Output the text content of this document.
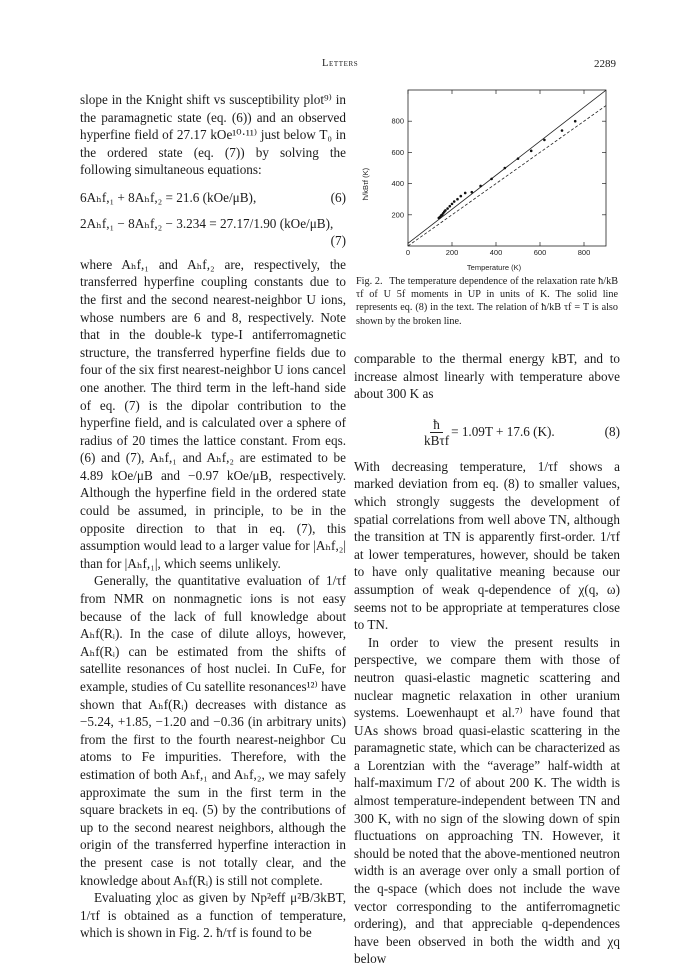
Letters	2289

slope in the Knight shift vs susceptibility plot⁹⁾ in the paramagnetic state (eq. (6)) and an observed hyperfine field of 27.17 kOe¹⁰·¹¹⁾ just below T₀ in the ordered state (eq. (7)) by solving the following simultaneous equations:

6Aₕf,₁ + 8Aₕf,₂ = 21.6 (kOe/μB),	(6)
2Aₕf,₁ − 8Aₕf,₂ − 3.234 = 27.17/1.90 (kOe/μB),
(7)

where Aₕf,₁ and Aₕf,₂ are, respectively, the transferred hyperfine coupling constants due to the first and the second nearest-neighbor U ions, whose numbers are 6 and 8, respectively. Note that in the double-k type-I antiferromagnetic structure, the transferred hyperfine fields due to four of the six first nearest-neighbor U ions cancel one another. The third term in the left-hand side of eq. (7) is the dipolar contribution to the hyperfine field, and is calculated over a sphere of radius of 20 times the lattice constant. From eqs. (6) and (7), Aₕf,₁ and Aₕf,₂ are estimated to be 4.89 kOe/μB and −0.97 kOe/μB, respectively. Although the hyperfine field in the ordered state could be assumed, in principle, to be in the opposite direction to that in eq. (7), this assumption would lead to a larger value for |Aₕf,₂| than for |Aₕf,₁|, which seems unlikely.

Generally, the quantitative evaluation of 1/τf from NMR on nonmagnetic ions is not easy because of the lack of full knowledge about Aₕf(Rᵢ). In the case of dilute alloys, however, Aₕf(Rᵢ) can be estimated from the shifts of satellite resonances of host nuclei. In CuFe, for example, studies of Cu satellite resonances¹²⁾ have shown that Aₕf(Rᵢ) decreases with distance as −5.24, +1.85, −1.20 and −0.36 (in arbitrary units) from the first to the fourth nearest-neighbor Cu atoms to Fe impurities. Therefore, with the estimation of both Aₕf,₁ and Aₕf,₂, we may safely approximate the sum in the first term in the square brackets in eq. (5) by the contributions of up to the second nearest neighbors, although the origin of the transferred hyperfine interaction in the present case is not totally clear, and the knowledge about Aₕf(Rᵢ) is still not complete.

Evaluating χloc as given by Np²eff μ²B/3kBT, 1/τf is obtained as a function of temperature, which is shown in Fig. 2. ħ/τf is found to be

0	200	400	600	800
200
400
600
800
ħ/kBτf (K)
Temperature (K)
Fig. 2. The temperature dependence of the relaxation rate ħ/kB τf of U 5f moments in UP in units of K. The solid line represents eq. (8) in the text. The relation of ħ/kB τf = T is also shown by the broken line.

comparable to the thermal energy kBT, and to increase almost linearly with temperature above about 300 K as

$\frac{ħ}{\text{kBτf}} = 1.09T + 17.6$ (K).	(8)

With decreasing temperature, 1/τf shows a marked deviation from eq. (8) to smaller values, which strongly suggests the development of spatial correlations from well above TN, although the transition at TN is apparently first-order. 1/τf at lower temperatures, however, should be taken to have only qualitative meaning because our assumption of weak q-dependence of χ(q, ω) seems not to be appropriate at temperatures close to TN.

In order to view the present results in perspective, we compare them with those of neutron quasi-elastic magnetic scattering and nuclear magnetic relaxation in other uranium systems. Loewenhaupt et al.⁷⁾ have found that UAs shows broad quasi-elastic scattering in the paramagnetic state, which can be characterized as a Lorentzian with the “average” half-width at half-maximum Γ/2 of about 200 K. The width is almost temperature-independent between TN and 300 K, with no sign of the slowing down of spin fluctuations on approaching TN. However, it should be noted that the above-mentioned neutron width is an average over only a small portion of the q-space (which does not include the wave vector corresponding to the antiferromagnetic ordering), and that appreciable q-dependences have been observed in both the width and χq below
